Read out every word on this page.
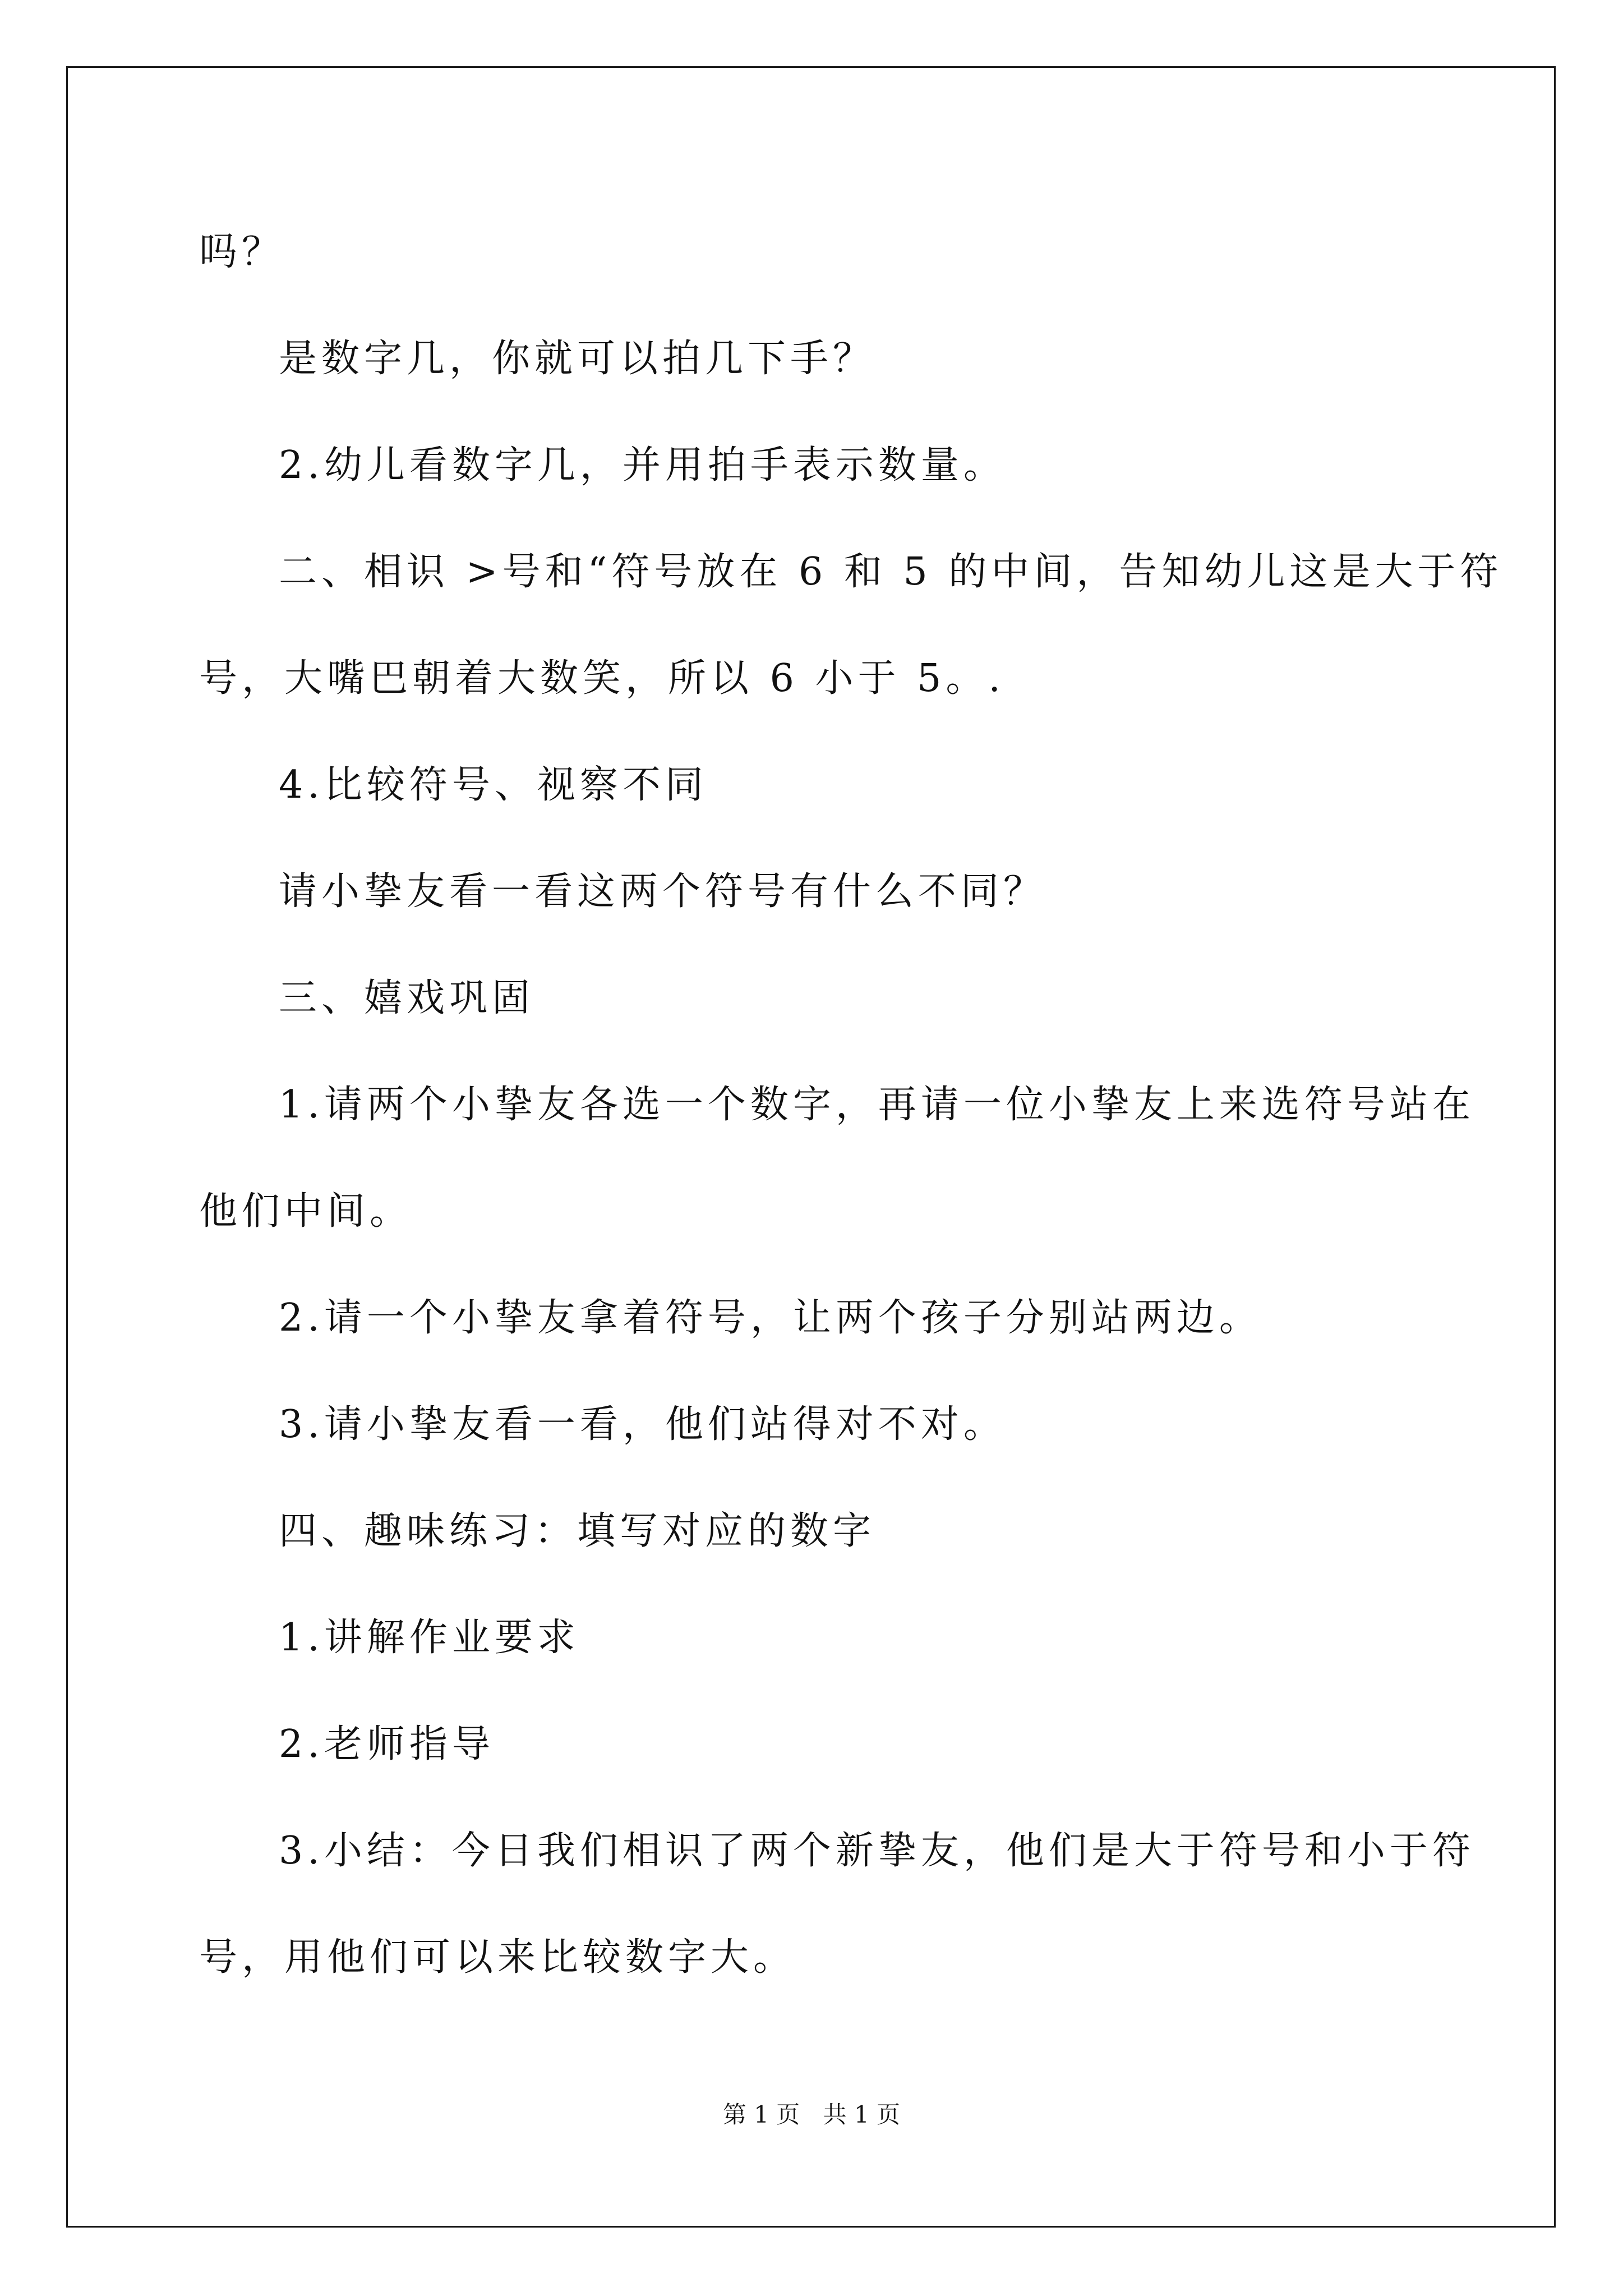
吗？
是数字几，你就可以拍几下手？
2.幼儿看数字几，并用拍手表示数量。
二、相识 >号和“符号放在 6 和 5 的中间，告知幼儿这是大于符
号，大嘴巴朝着大数笑，所以 6 小于 5。.
4.比较符号、视察不同
请小挚友看一看这两个符号有什么不同？
三、嬉戏巩固
1.请两个小挚友各选一个数字，再请一位小挚友上来选符号站在
他们中间。
2.请一个小挚友拿着符号，让两个孩子分别站两边。
3.请小挚友看一看，他们站得对不对。
四、趣味练习：填写对应的数字
1.讲解作业要求
2.老师指导
3.小结：今日我们相识了两个新挚友，他们是大于符号和小于符
号，用他们可以来比较数字大。
第 1 页 共 1 页
